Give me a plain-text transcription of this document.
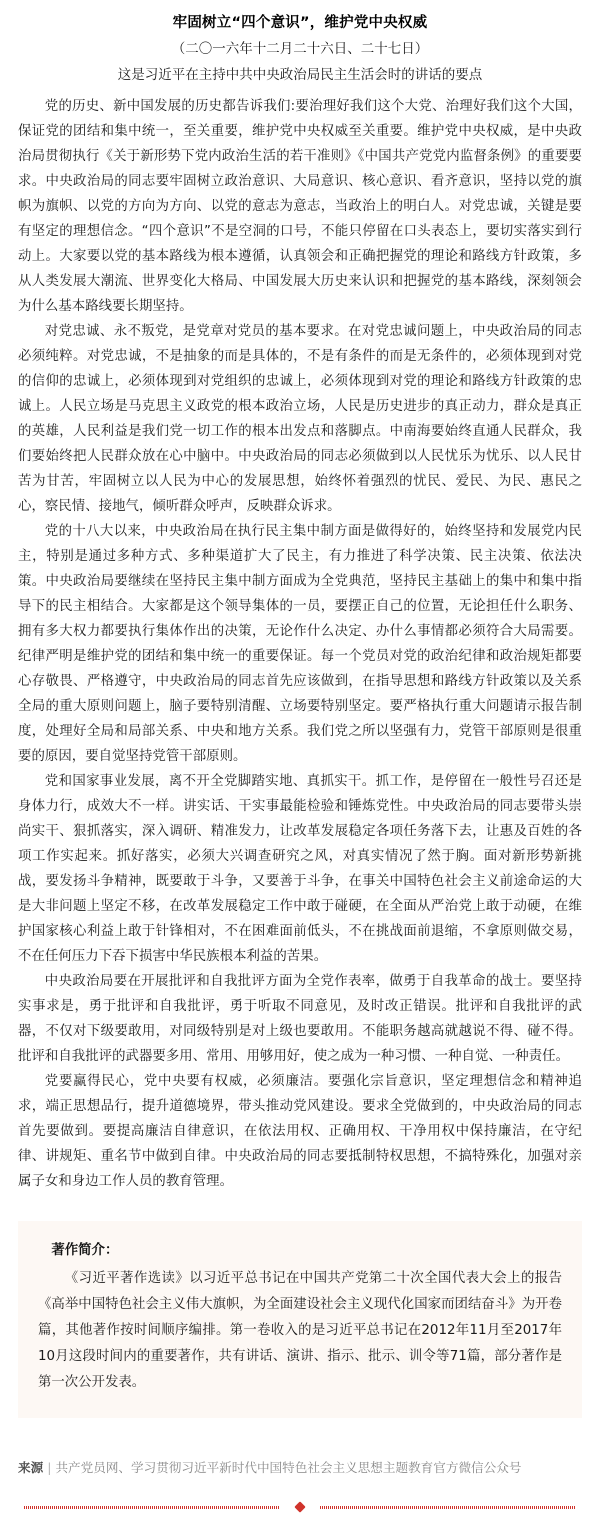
牢固树立“四个意识”，维护党中央权威
（二〇一六年十二月二十六日、二十七日）
这是习近平在主持中共中央政治局民主生活会时的讲话的要点

党的历史、新中国发展的历史都告诉我们:要治理好我们这个大党、治理好我们这个大国，保证党的团结和集中统一，至关重要，维护党中央权威至关重要。维护党中央权威，是中央政治局贯彻执行《关于新形势下党内政治生活的若干准则》《中国共产党党内监督条例》的重要要求。中央政治局的同志要牢固树立政治意识、大局意识、核心意识、看齐意识，坚持以党的旗帜为旗帜、以党的方向为方向、以党的意志为意志，当政治上的明白人。对党忠诚，关键是要有坚定的理想信念。“四个意识”不是空洞的口号，不能只停留在口头表态上，要切实落实到行动上。大家要以党的基本路线为根本遵循，认真领会和正确把握党的理论和路线方针政策，多从人类发展大潮流、世界变化大格局、中国发展大历史来认识和把握党的基本路线，深刻领会为什么基本路线要长期坚持。

对党忠诚、永不叛党，是党章对党员的基本要求。在对党忠诚问题上，中央政治局的同志必须纯粹。对党忠诚，不是抽象的而是具体的，不是有条件的而是无条件的，必须体现到对党的信仰的忠诚上，必须体现到对党组织的忠诚上，必须体现到对党的理论和路线方针政策的忠诚上。人民立场是马克思主义政党的根本政治立场，人民是历史进步的真正动力，群众是真正的英雄，人民利益是我们党一切工作的根本出发点和落脚点。中南海要始终直通人民群众，我们要始终把人民群众放在心中脑中。中央政治局的同志必须做到以人民忧乐为忧乐、以人民甘苦为甘苦，牢固树立以人民为中心的发展思想，始终怀着强烈的忧民、爱民、为民、惠民之心，察民情、接地气，倾听群众呼声，反映群众诉求。

党的十八大以来，中央政治局在执行民主集中制方面是做得好的，始终坚持和发展党内民主，特别是通过多种方式、多种渠道扩大了民主，有力推进了科学决策、民主决策、依法决策。中央政治局要继续在坚持民主集中制方面成为全党典范，坚持民主基础上的集中和集中指导下的民主相结合。大家都是这个领导集体的一员，要摆正自己的位置，无论担任什么职务、拥有多大权力都要执行集体作出的决策，无论作什么决定、办什么事情都必须符合大局需要。纪律严明是维护党的团结和集中统一的重要保证。每一个党员对党的政治纪律和政治规矩都要心存敬畏、严格遵守，中央政治局的同志首先应该做到，在指导思想和路线方针政策以及关系全局的重大原则问题上，脑子要特别清醒、立场要特别坚定。要严格执行重大问题请示报告制度，处理好全局和局部关系、中央和地方关系。我们党之所以坚强有力，党管干部原则是很重要的原因，要自觉坚持党管干部原则。

党和国家事业发展，离不开全党脚踏实地、真抓实干。抓工作，是停留在一般性号召还是身体力行，成效大不一样。讲实话、干实事最能检验和锤炼党性。中央政治局的同志要带头崇尚实干、狠抓落实，深入调研、精准发力，让改革发展稳定各项任务落下去，让惠及百姓的各项工作实起来。抓好落实，必须大兴调查研究之风，对真实情况了然于胸。面对新形势新挑战，要发扬斗争精神，既要敢于斗争，又要善于斗争，在事关中国特色社会主义前途命运的大是大非问题上坚定不移，在改革发展稳定工作中敢于碰硬，在全面从严治党上敢于动硬，在维护国家核心利益上敢于针锋相对，不在困难面前低头，不在挑战面前退缩，不拿原则做交易，不在任何压力下吞下损害中华民族根本利益的苦果。

中央政治局要在开展批评和自我批评方面为全党作表率，做勇于自我革命的战士。要坚持实事求是，勇于批评和自我批评，勇于听取不同意见，及时改正错误。批评和自我批评的武器，不仅对下级要敢用，对同级特别是对上级也要敢用。不能职务越高就越说不得、碰不得。批评和自我批评的武器要多用、常用、用够用好，使之成为一种习惯、一种自觉、一种责任。

党要赢得民心，党中央要有权威，必须廉洁。要强化宗旨意识，坚定理想信念和精神追求，端正思想品行，提升道德境界，带头推动党风建设。要求全党做到的，中央政治局的同志首先要做到。要提高廉洁自律意识，在依法用权、正确用权、干净用权中保持廉洁，在守纪律、讲规矩、重名节中做到自律。中央政治局的同志要抵制特权思想，不搞特殊化，加强对亲属子女和身边工作人员的教育管理。

著作简介：

《习近平著作选读》以习近平总书记在中国共产党第二十次全国代表大会上的报告《高举中国特色社会主义伟大旗帜，为全面建设社会主义现代化国家而团结奋斗》为开卷篇，其他著作按时间顺序编排。第一卷收入的是习近平总书记在2012年11月至2017年10月这段时间内的重要著作，共有讲话、演讲、指示、批示、训令等71篇，部分著作是第一次公开发表。

来源 | 共产党员网、学习贯彻习近平新时代中国特色社会主义思想主题教育官方微信公众号
